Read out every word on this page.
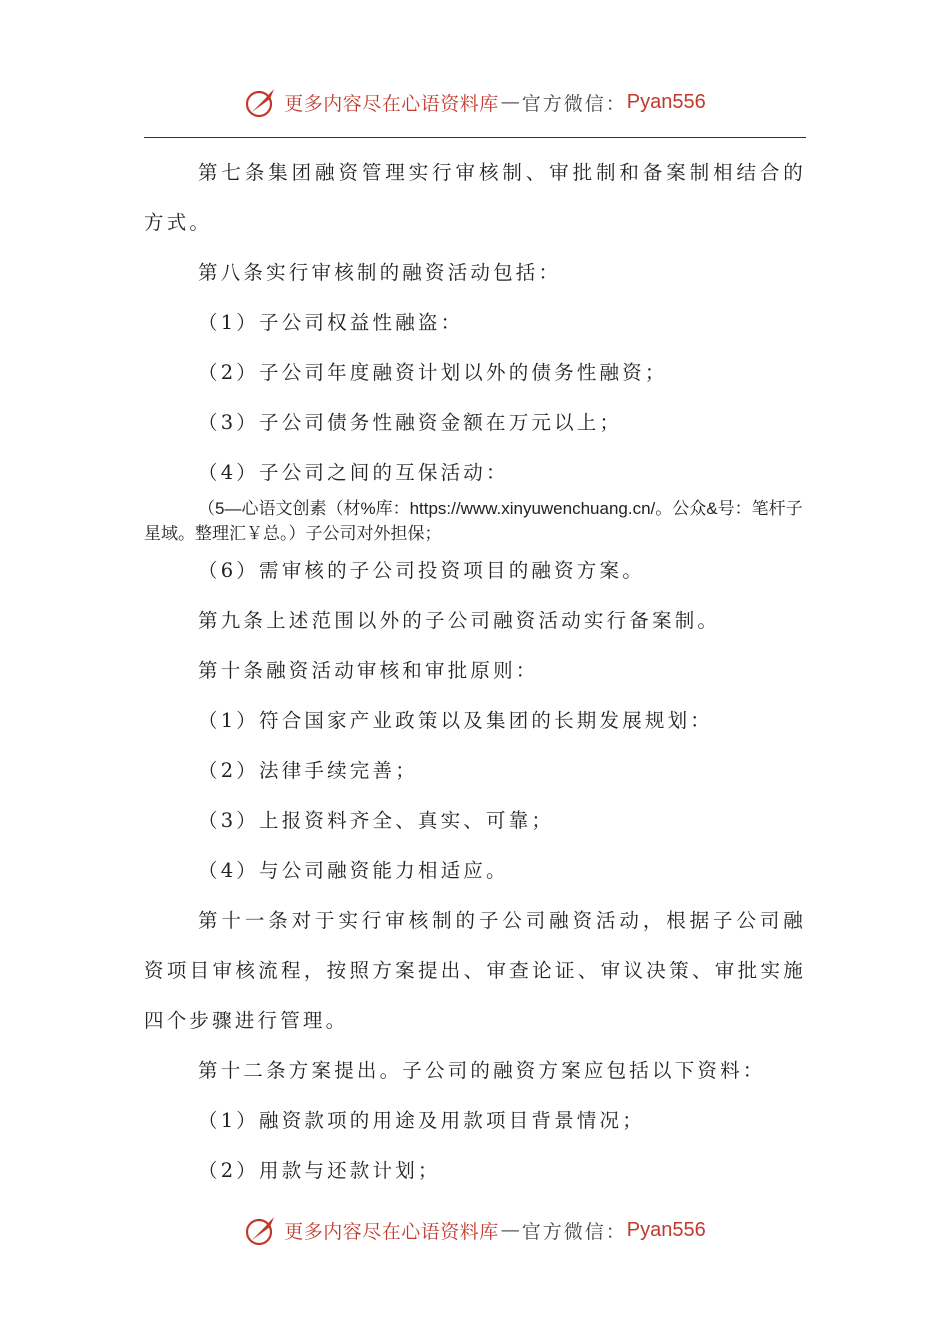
更多内容尽在心语资料库 — 官方微信： Pyan556

第七条集团融资管理实行审核制、审批制和备案制相结合的方式。

第八条实行审核制的融资活动包括：

（1）子公司权益性融盗：

（2）子公司年度融资计划以外的债务性融资；

（3）子公司债务性融资金额在万元以上；

（4）子公司之间的互保活动：

（5—心语文创素（材%库：https://www.xinyuwenchuang.cn/。公众&号：笔杆子星域。整理汇￥总。）子公司对外担保；

（6）需审核的子公司投资项目的融资方案。

第九条上述范围以外的子公司融资活动实行备案制。

第十条融资活动审核和审批原则：

（1）符合国家产业政策以及集团的长期发展规划：

（2）法律手续完善；

（3）上报资料齐全、真实、可靠；

（4）与公司融资能力相适应。

第十一条对于实行审核制的子公司融资活动，根据子公司融资项目审核流程，按照方案提出、审查论证、审议决策、审批实施四个步骤进行管理。

第十二条方案提出。子公司的融资方案应包括以下资料：

（1）融资款项的用途及用款项目背景情况；

（2）用款与还款计划；

更多内容尽在心语资料库 — 官方微信： Pyan556
